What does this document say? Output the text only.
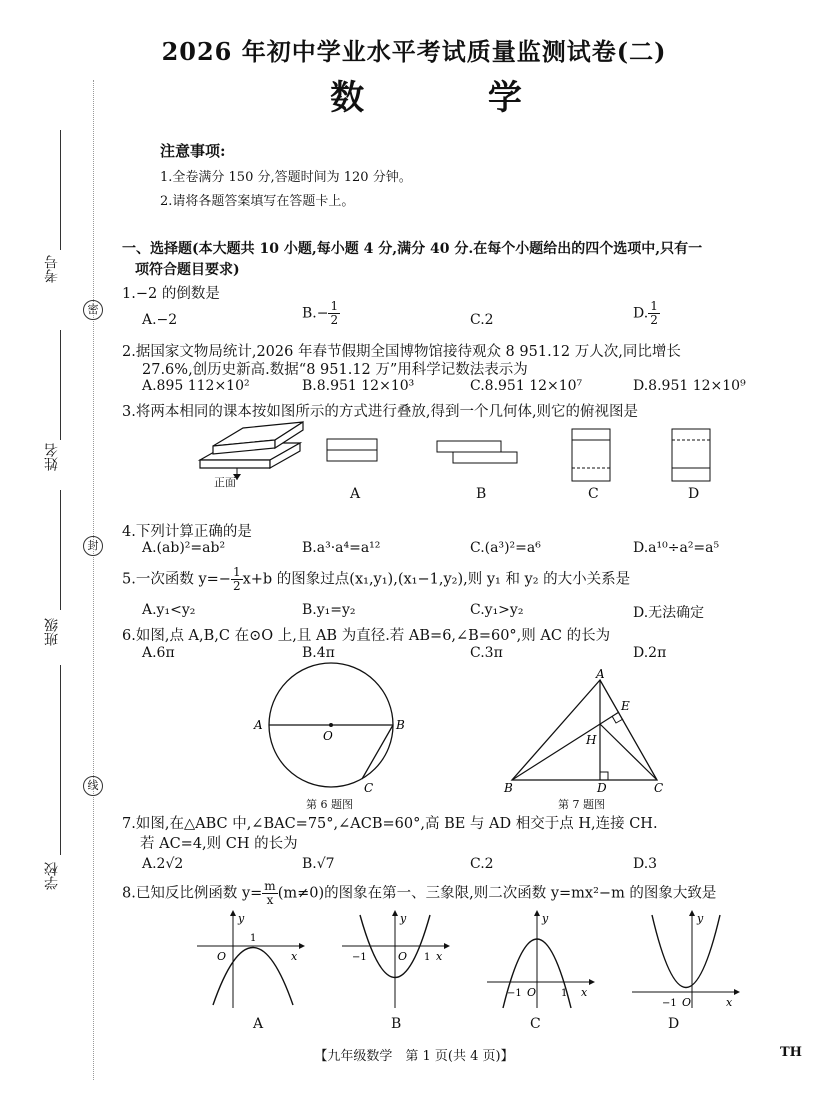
考号
密
姓名
封
班级
线
学校
2026 年初中学业水平考试质量监测试卷(二)
数 学
注意事项:
1.全卷满分 150 分,答题时间为 120 分钟。
2.请将各题答案填写在答题卡上。
一、选择题(本大题共 10 小题,每小题 4 分,满分 40 分.在每个小题给出的四个选项中,只有一
项符合题目要求)
1.−2 的倒数是
A.−2	$B.- \frac{1}{2}$	C.2	D. $\frac{1}{2}$
2.据国家文物局统计,2026 年春节假期全国博物馆接待观众 8 951.12 万人次,同比增长
27.6%,创历史新高.数据“8 951.12 万”用科学记数法表示为
A.895 112×10²	B.8.951 12×10³	C.8.951 12×10⁷	D.8.951 12×10⁹
3.将两本相同的课本按如图所示的方式进行叠放,得到一个几何体,则它的俯视图是
正面
A	B	C	D
4.下列计算正确的是
A.(ab)²=ab²	B.a³·a⁴=a¹²	C.(a³)²=a⁶	D.a¹⁰÷a²=a⁵
5.一次函数 $y=- \frac{1}{2} x+b$ 的图象过点(x₁,y₁),(x₁−1,y₂),则 y₁ 和 y₂ 的大小关系是
A.y₁<y₂	B.y₁=y₂	C.y₁>y₂	D.无法确定
6.如图,点 A,B,C 在⊙O 上,且 AB 为直径.若 AB=6,∠B=60°,则 AC 的长为
A.6π	B.4π	C.3π	D.2π
A	B
C
O
第 6 题图
A
B	C
D
E
H
第 7 题图
7.如图,在△ABC 中,∠BAC=75°,∠ACB=60°,高 BE 与 AD 相交于点 H,连接 CH.
若 AC=4,则 CH 的长为
A.2√2	B.√7	C.2	D.3
8.已知反比例函数 $y= \frac{m}{x} (m\ne 0)$的图象在第一、三象限,则二次函数 y=mx²−m 的图象大致是
x
y
O
1
x
y
O
−1	1
x
y
O
−1	1
x
y
O
−1
A	B	C	D
【九年级数学　第 1 页(共 4 页)】	TH
